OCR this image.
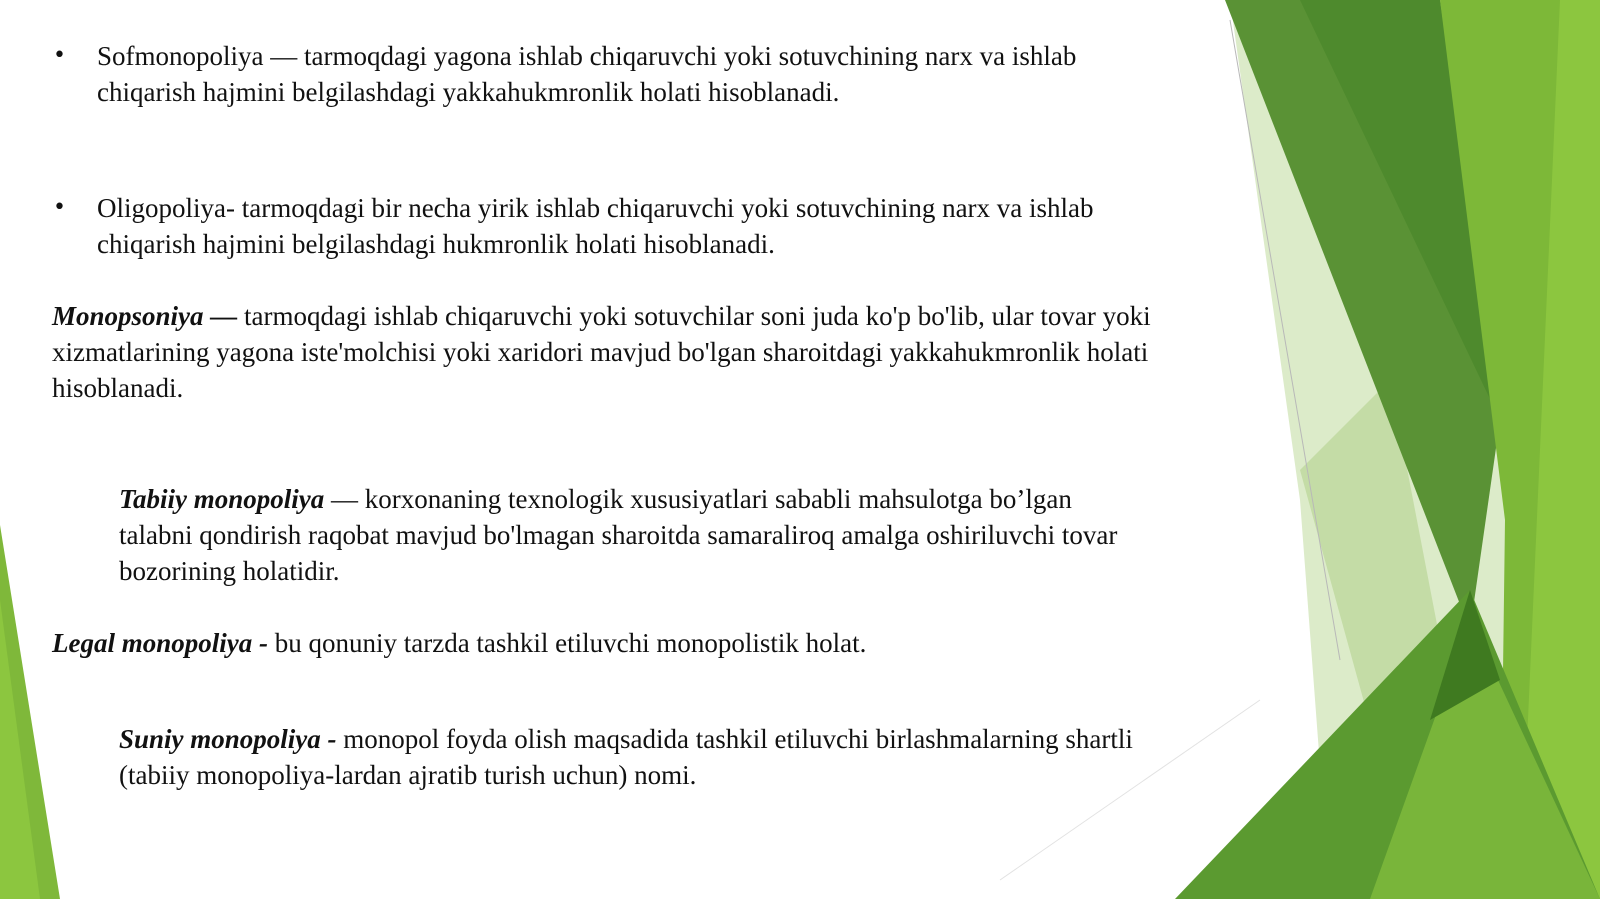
• Sofmonopoliya — tarmoqdagi yagona ishlab chiqaruvchi yoki sotuvchining narx va ishlab chiqarish hajmini belgilashdagi yakkahukmronlik holati hisoblanadi.
• Oligopoliya- tarmoqdagi bir necha yirik ishlab chiqaruvchi yoki sotuvchining narx va ishlab chiqarish hajmini belgilashdagi hukmronlik holati hisoblanadi.

Monopsoniya — tarmoqdagi ishlab chiqaruvchi yoki sotuvchilar soni juda ko'p bo'lib, ular tovar yoki xizmatlarining yagona iste'molchisi yoki xaridori mavjud bo'lgan sharoitdagi yakkahukmronlik holati hisoblanadi.

Tabiiy monopoliya — korxonaning texnologik xususiyatlari sababli mahsulotga bo’lgan talabni qondirish raqobat mavjud bo'lmagan sharoitda samaraliroq amalga oshiriluvchi tovar bozorining holatidir.

Legal monopoliya - bu qonuniy tarzda tashkil etiluvchi monopolistik holat.

Suniy monopoliya - monopol foyda olish maqsadida tashkil etiluvchi birlashmalarning shartli (tabiiy monopoliya-lardan ajratib turish uchun) nomi.
